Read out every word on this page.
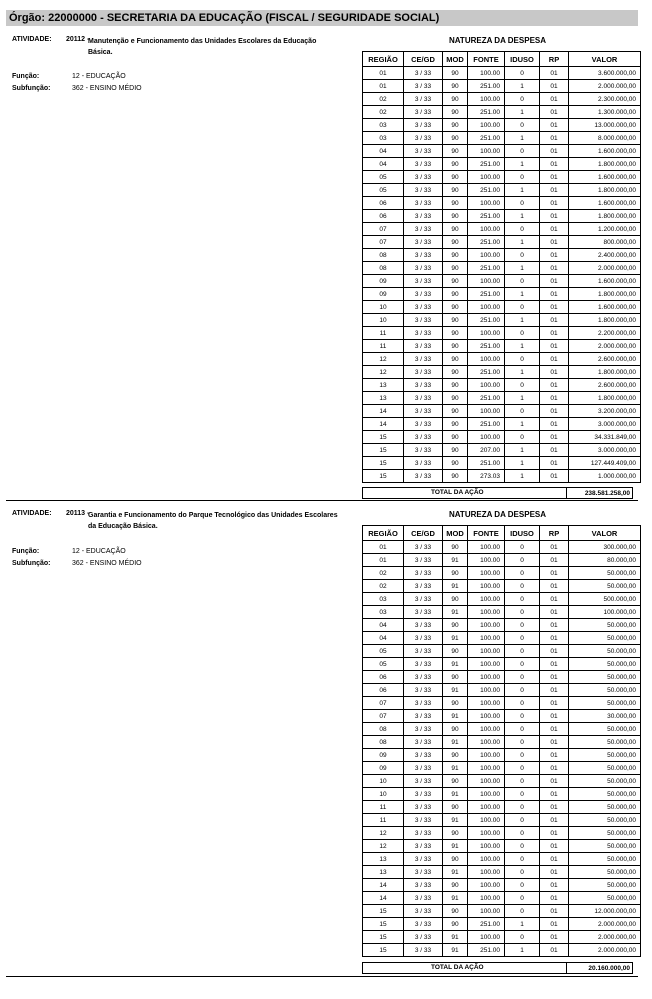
Órgão: 22000000 - SECRETARIA DA EDUCAÇÃO (FISCAL / SEGURIDADE SOCIAL)
ATIVIDADE: 20112 -
Manutenção e Funcionamento das Unidades Escolares da Educação Básica.
Função:	12 - EDUCAÇÃO
Subfunção:	362 - ENSINO MÉDIO
NATUREZA DA DESPESA
REGIÃO	CE/GD	MOD	FONTE	IDUSO	RP	VALOR
01	3 / 33	90	100.00	0	01	3.600.000,00
01	3 / 33	90	251.00	1	01	2.000.000,00
02	3 / 33	90	100.00	0	01	2.300.000,00
02	3 / 33	90	251.00	1	01	1.300.000,00
03	3 / 33	90	100.00	0	01	13.000.000,00
03	3 / 33	90	251.00	1	01	8.000.000,00
04	3 / 33	90	100.00	0	01	1.600.000,00
04	3 / 33	90	251.00	1	01	1.800.000,00
05	3 / 33	90	100.00	0	01	1.600.000,00
05	3 / 33	90	251.00	1	01	1.800.000,00
06	3 / 33	90	100.00	0	01	1.600.000,00
06	3 / 33	90	251.00	1	01	1.800.000,00
07	3 / 33	90	100.00	0	01	1.200.000,00
07	3 / 33	90	251.00	1	01	800.000,00
08	3 / 33	90	100.00	0	01	2.400.000,00
08	3 / 33	90	251.00	1	01	2.000.000,00
09	3 / 33	90	100.00	0	01	1.600.000,00
09	3 / 33	90	251.00	1	01	1.800.000,00
10	3 / 33	90	100.00	0	01	1.600.000,00
10	3 / 33	90	251.00	1	01	1.800.000,00
11	3 / 33	90	100.00	0	01	2.200.000,00
11	3 / 33	90	251.00	1	01	2.000.000,00
12	3 / 33	90	100.00	0	01	2.600.000,00
12	3 / 33	90	251.00	1	01	1.800.000,00
13	3 / 33	90	100.00	0	01	2.600.000,00
13	3 / 33	90	251.00	1	01	1.800.000,00
14	3 / 33	90	100.00	0	01	3.200.000,00
14	3 / 33	90	251.00	1	01	3.000.000,00
15	3 / 33	90	100.00	0	01	34.331.849,00
15	3 / 33	90	207.00	1	01	3.000.000,00
15	3 / 33	90	251.00	1	01	127.449.409,00
15	3 / 33	90	273.03	1	01	1.000.000,00
TOTAL DA AÇÃO	238.581.258,00
ATIVIDADE: 20113 -
Garantia e Funcionamento do Parque Tecnológico das Unidades Escolares da Educação Básica.
Função:	12 - EDUCAÇÃO
Subfunção:	362 - ENSINO MÉDIO
NATUREZA DA DESPESA
REGIÃO	CE/GD	MOD	FONTE	IDUSO	RP	VALOR
01	3 / 33	90	100.00	0	01	300.000,00
01	3 / 33	91	100.00	0	01	80.000,00
02	3 / 33	90	100.00	0	01	50.000,00
02	3 / 33	91	100.00	0	01	50.000,00
03	3 / 33	90	100.00	0	01	500.000,00
03	3 / 33	91	100.00	0	01	100.000,00
04	3 / 33	90	100.00	0	01	50.000,00
04	3 / 33	91	100.00	0	01	50.000,00
05	3 / 33	90	100.00	0	01	50.000,00
05	3 / 33	91	100.00	0	01	50.000,00
06	3 / 33	90	100.00	0	01	50.000,00
06	3 / 33	91	100.00	0	01	50.000,00
07	3 / 33	90	100.00	0	01	50.000,00
07	3 / 33	91	100.00	0	01	30.000,00
08	3 / 33	90	100.00	0	01	50.000,00
08	3 / 33	91	100.00	0	01	50.000,00
09	3 / 33	90	100.00	0	01	50.000,00
09	3 / 33	91	100.00	0	01	50.000,00
10	3 / 33	90	100.00	0	01	50.000,00
10	3 / 33	91	100.00	0	01	50.000,00
11	3 / 33	90	100.00	0	01	50.000,00
11	3 / 33	91	100.00	0	01	50.000,00
12	3 / 33	90	100.00	0	01	50.000,00
12	3 / 33	91	100.00	0	01	50.000,00
13	3 / 33	90	100.00	0	01	50.000,00
13	3 / 33	91	100.00	0	01	50.000,00
14	3 / 33	90	100.00	0	01	50.000,00
14	3 / 33	91	100.00	0	01	50.000,00
15	3 / 33	90	100.00	0	01	12.000.000,00
15	3 / 33	90	251.00	1	01	2.000.000,00
15	3 / 33	91	100.00	0	01	2.000.000,00
15	3 / 33	91	251.00	1	01	2.000.000,00
TOTAL DA AÇÃO	20.160.000,00
